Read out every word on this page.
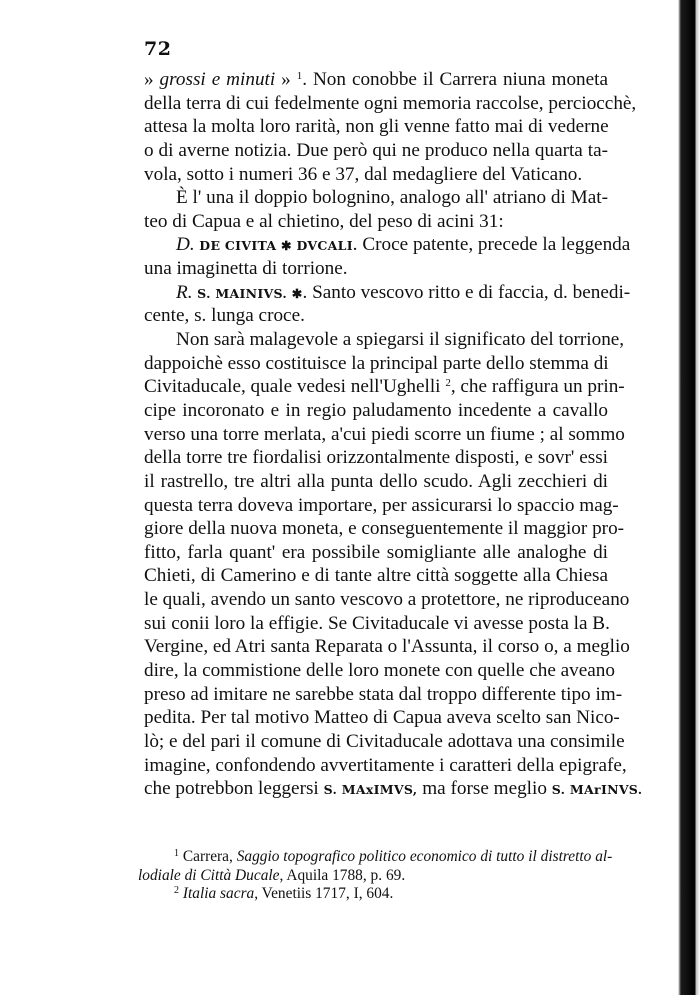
72
» grossi e minuti » $^1$. Non conobbe il Carrera niuna moneta
della terra di cui fedelmente ogni memoria raccolse, perciocchè,
attesa la molta loro rarità, non gli venne fatto mai di vederne
o di averne notizia. Due però qui ne produco nella quarta ta-
vola, sotto i numeri 36 e 37, dal medagliere del Vaticano.
È l' una il doppio bolognino, analogo all' atriano di Mat-
teo di Capua e al chietino, del peso di acini 31:
D. DE CIVITA ✱ DVCALI. Croce patente, precede la leggenda
una imaginetta di torrione.
R. S. MAINIVS. ✱. Santo vescovo ritto e di faccia, d. benedi-
cente, s. lunga croce.
Non sarà malagevole a spiegarsi il significato del torrione,
dappoichè esso costituisce la principal parte dello stemma di
Civitaducale, quale vedesi nell'Ughelli $^2$, che raffigura un prin-
cipe incoronato e in regio paludamento incedente a cavallo
verso una torre merlata, a'cui piedi scorre un fiume ; al sommo
della torre tre fiordalisi orizzontalmente disposti, e sovr' essi
il rastrello, tre altri alla punta dello scudo. Agli zecchieri di
questa terra doveva importare, per assicurarsi lo spaccio mag-
giore della nuova moneta, e conseguentemente il maggior pro-
fitto, farla quant' era possibile somigliante alle analoghe di
Chieti, di Camerino e di tante altre città soggette alla Chiesa
le quali, avendo un santo vescovo a protettore, ne riproduceano
sui conii loro la effigie. Se Civitaducale vi avesse posta la B.
Vergine, ed Atri santa Reparata o l'Assunta, il corso o, a meglio
dire, la commistione delle loro monete con quelle che aveano
preso ad imitare ne sarebbe stata dal troppo differente tipo im-
pedita. Per tal motivo Matteo di Capua aveva scelto san Nico-
lò; e del pari il comune di Civitaducale adottava una consimile
imagine, confondendo avvertitamente i caratteri della epigrafe,
che potrebbon leggersi S. MAxIMVS, ma forse meglio S. MArINVS.
$^1$ Carrera, Saggio topografico politico economico di tutto il distretto al-
lodiale di Città Ducale, Aquila 1788, p. 69.
$^2$ Italia sacra, Venetiis 1717, I, 604.
